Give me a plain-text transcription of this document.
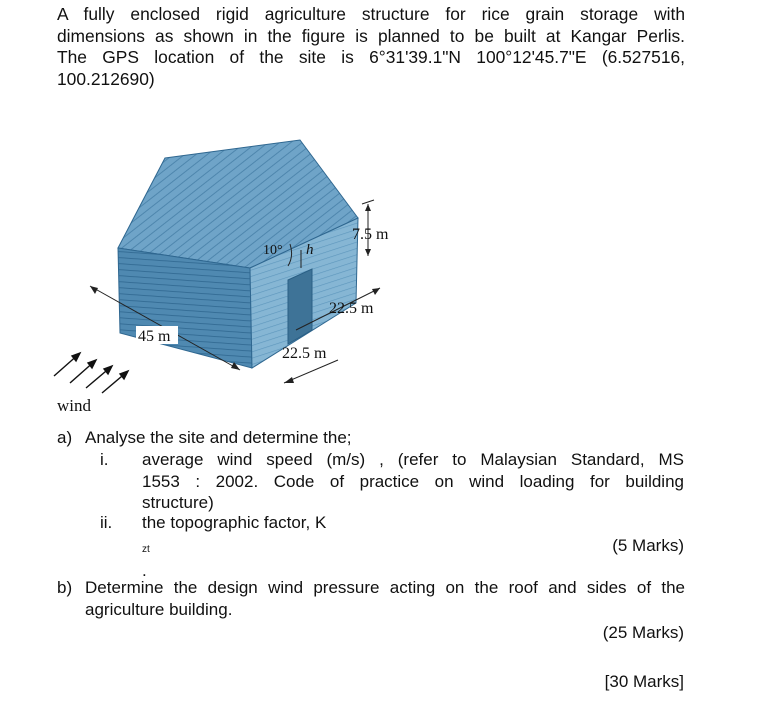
A fully enclosed rigid agriculture structure for rice grain storage with
dimensions as shown in the figure is planned to be built at Kangar Perlis.
The GPS location of the site is 6°31'39.1"N 100°12'45.7"E (6.527516,
100.212690)
7.5 m
10° h
22.5 m
22.5 m
45 m
wind
a) Analyse the site and determine the;
i. average wind speed (m/s) , (refer to Malaysian Standard, MS
1553 : 2002. Code of practice on wind loading for building
structure)
ii. the topographic factor, K
$_{zt}$
.
(5 Marks)
b) Determine the design wind pressure acting on the roof and sides of the
agriculture building.
(25 Marks)
[30 Marks]
